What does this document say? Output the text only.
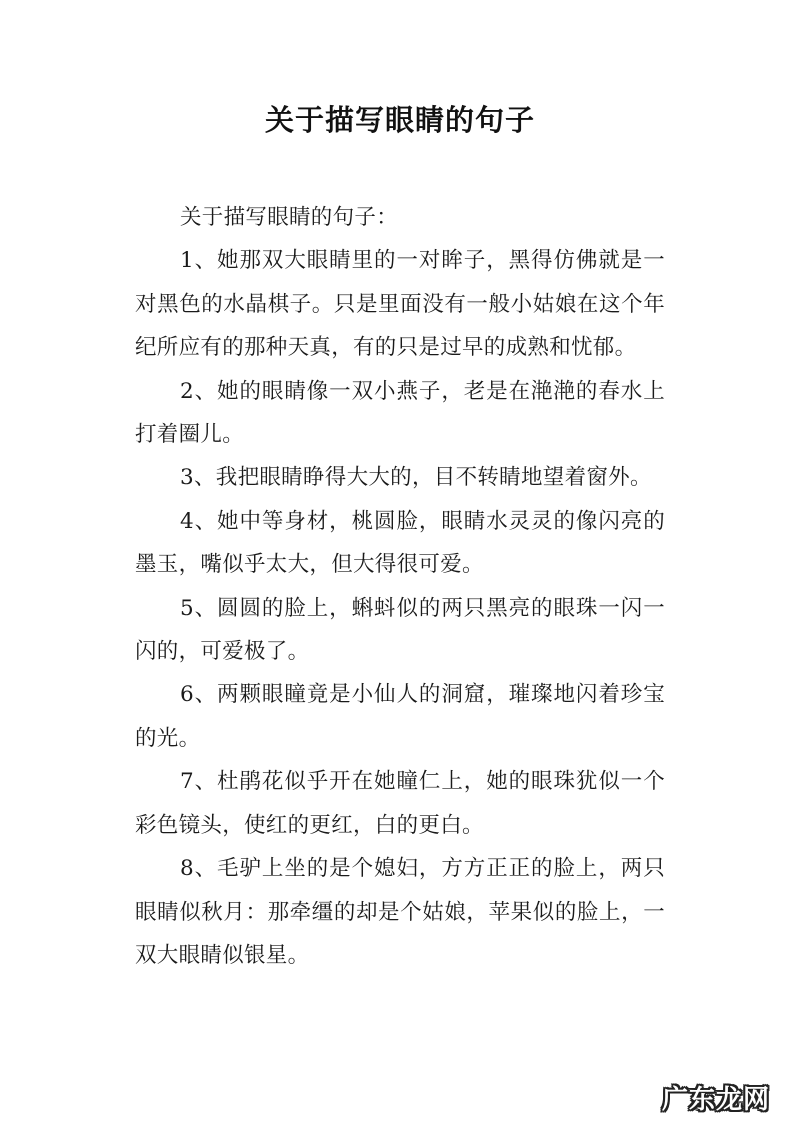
关于描写眼睛的句子

关于描写眼睛的句子：

1、她那双大眼睛里的一对眸子，黑得仿佛就是一对黑色的水晶棋子。只是里面没有一般小姑娘在这个年纪所应有的那种天真，有的只是过早的成熟和忧郁。

2、她的眼睛像一双小燕子，老是在滟滟的春水上打着圈儿。

3、我把眼睛睁得大大的，目不转睛地望着窗外。

4、她中等身材，桃圆脸，眼睛水灵灵的像闪亮的墨玉，嘴似乎太大，但大得很可爱。

5、圆圆的脸上，蝌蚪似的两只黑亮的眼珠一闪一闪的，可爱极了。

6、两颗眼瞳竟是小仙人的洞窟，璀璨地闪着珍宝的光。

7、杜鹃花似乎开在她瞳仁上，她的眼珠犹似一个彩色镜头，使红的更红，白的更白。

8、毛驴上坐的是个媳妇，方方正正的脸上，两只眼睛似秋月：那牵缰的却是个姑娘，苹果似的脸上，一双大眼睛似银星。

广东龙网
